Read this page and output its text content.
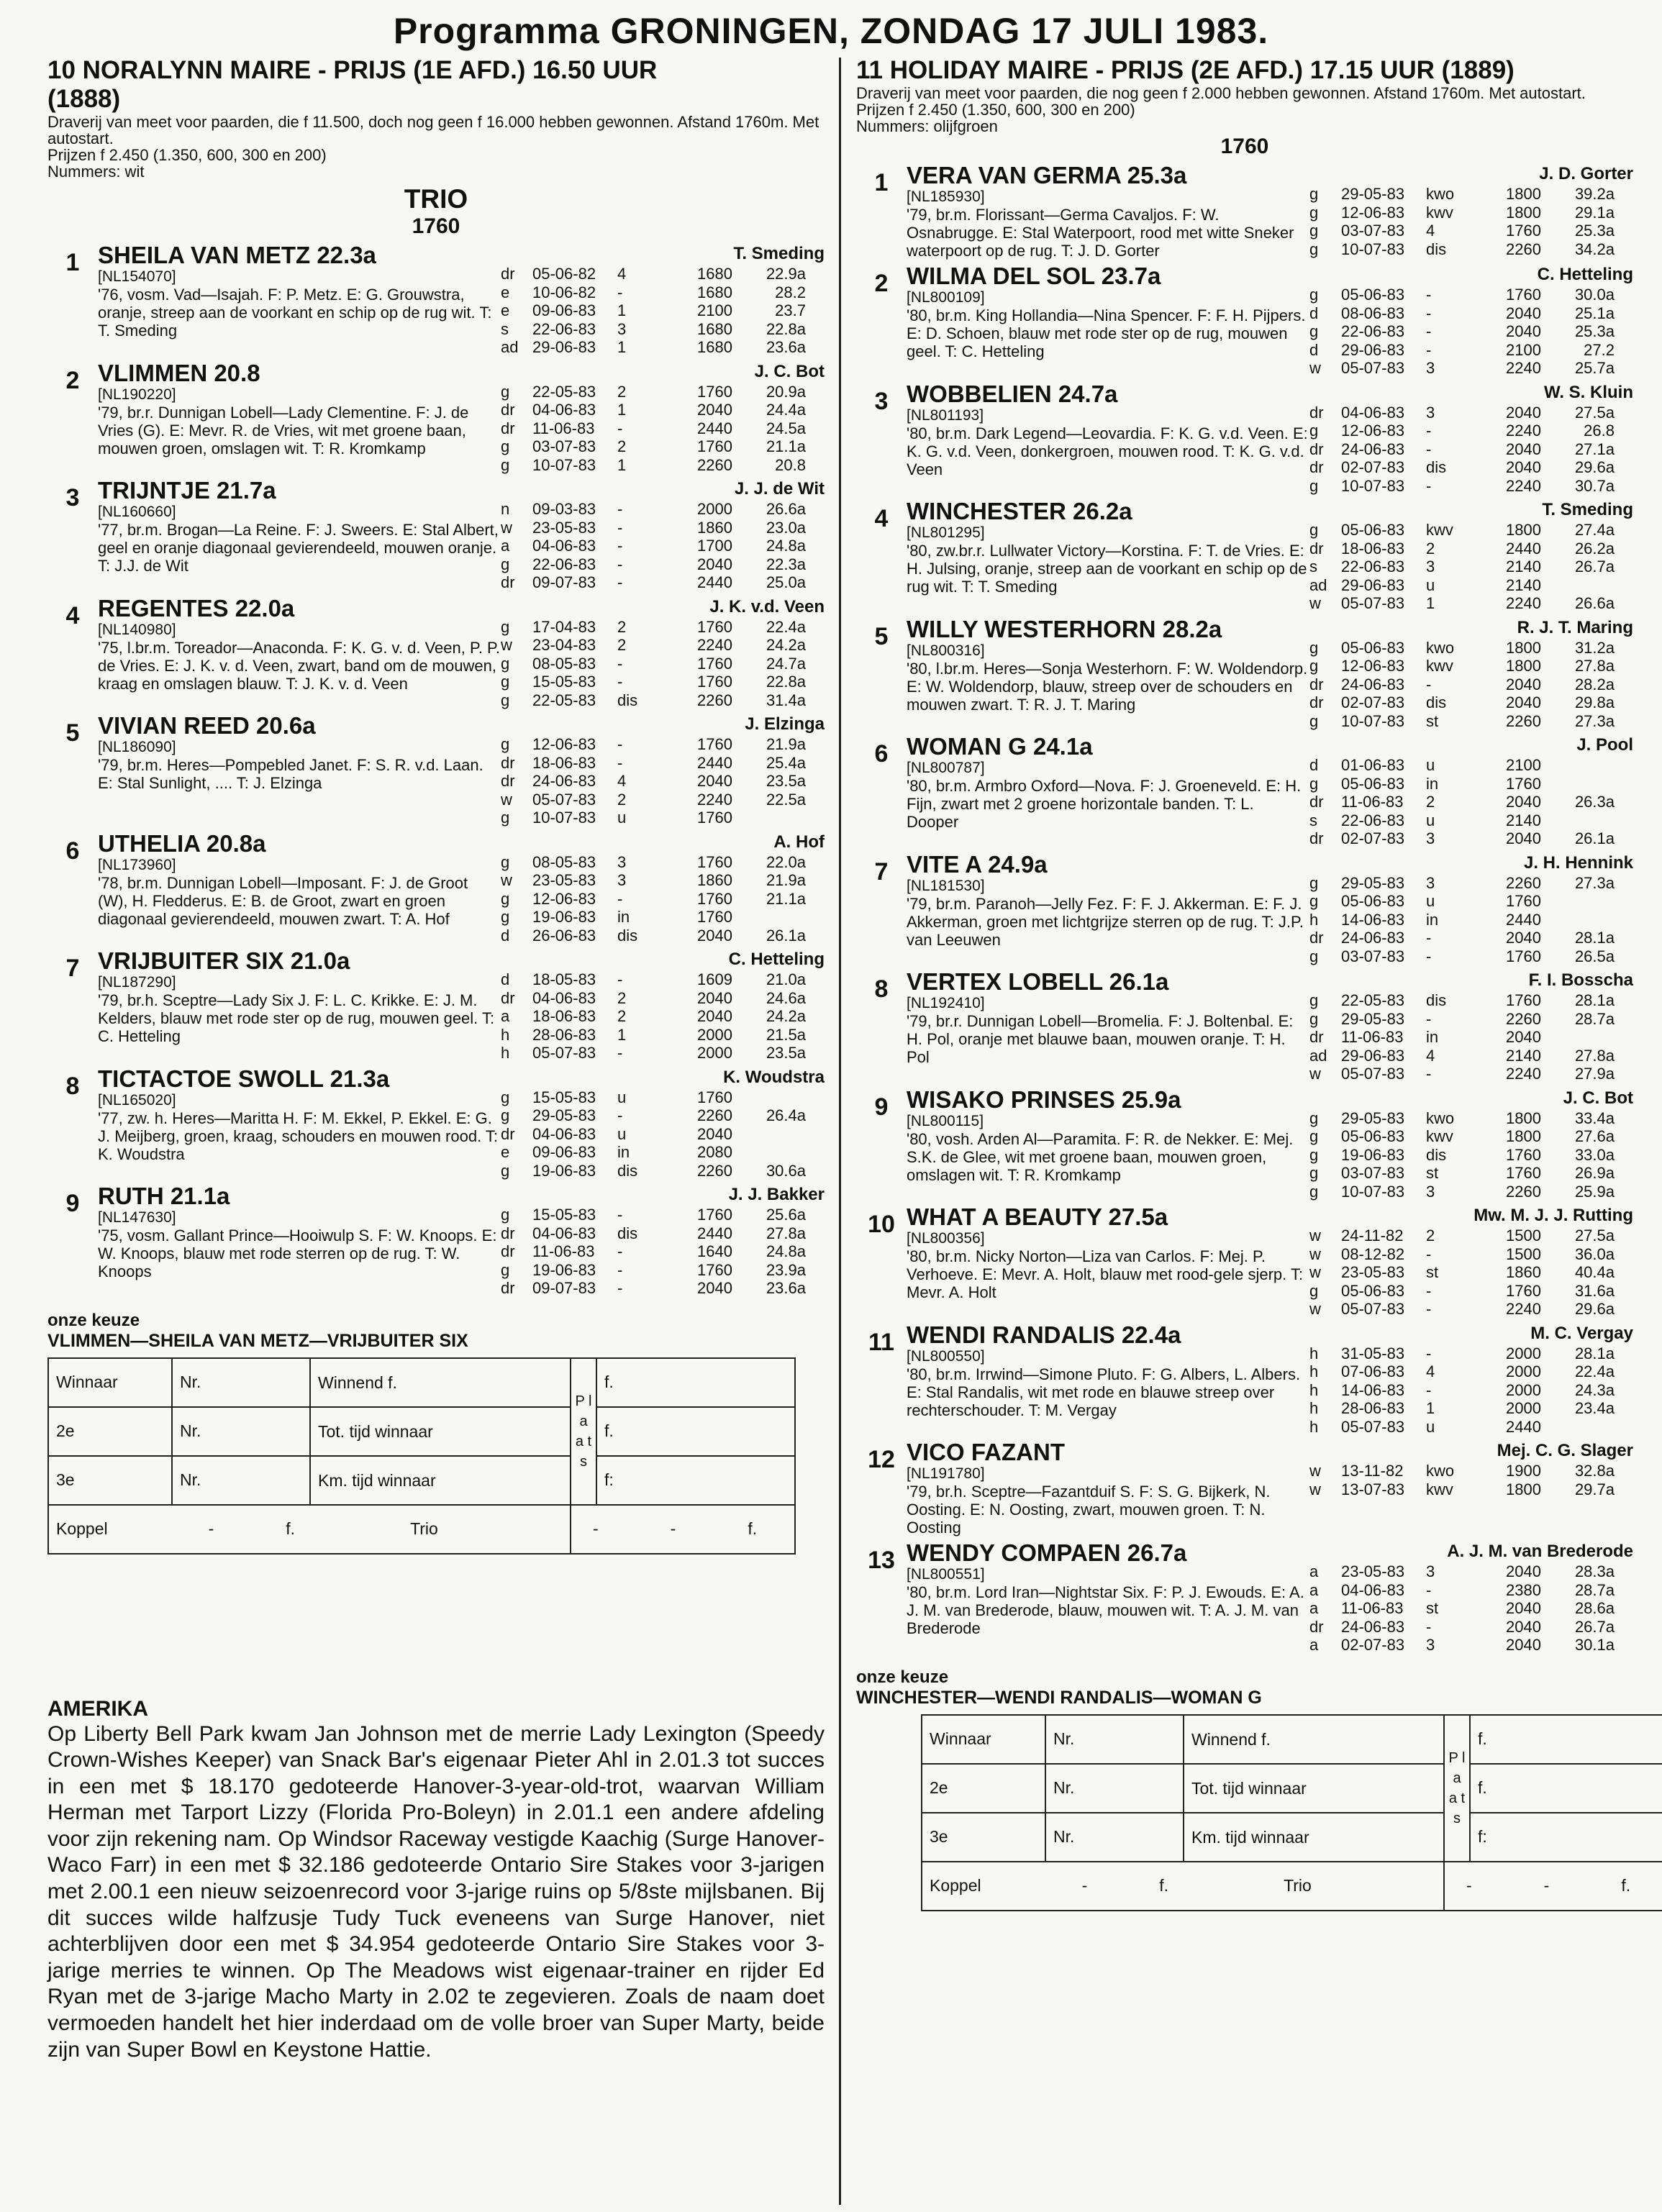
Programma GRONINGEN, ZONDAG 17 JULI 1983.
10 NORALYNN MAIRE - PRIJS (1E AFD.) 16.50 UUR
(1888)
Draverij van meet voor paarden, die f 11.500, doch nog geen f 16.000 hebben gewonnen. Afstand 1760m. Met autostart.
Prijzen f 2.450 (1.350, 600, 300 en 200)
Nummers: wit
TRIO
1760
1 SHEILA VAN METZ 22.3a
[NL154070]
'76, vosm. Vad—Isajah. F: P. Metz. E: G. Grouwstra, oranje, streep aan de voorkant en schip op de rug wit. T: T. Smeding
T. Smeding
dr	05-06-82	4	1680	22.9a
e	10-06-82	-	1680	28.2
e	09-06-83	1	2100	23.7
s	22-06-83	3	1680	22.8a
ad 29-06-83	1	1680	23.6a
2 VLIMMEN 20.8
[NL190220]
'79, br.r. Dunnigan Lobell—Lady Clementine. F: J. de Vries (G). E: Mevr. R. de Vries, wit met groene baan, mouwen groen, omslagen wit. T: R. Kromkamp
J. C. Bot
g	22-05-83	2	1760	20.9a
dr	04-06-83	1	2040	24.4a
dr	11-06-83	-	2440	24.5a
g	03-07-83	2	1760	21.1a
g	10-07-83	1	2260	20.8
3 TRIJNTJE 21.7a
[NL160660]
'77, br.m. Brogan—La Reine. F: J. Sweers. E: Stal Albert, geel en oranje diagonaal gevierendeeld, mouwen oranje. T: J.J. de Wit
J. J. de Wit
n	09-03-83	-	2000	26.6a
w	23-05-83	-	1860	23.0a
a	04-06-83	-	1700	24.8a
g	22-06-83	-	2040	22.3a
dr	09-07-83	-	2440	25.0a
4 REGENTES 22.0a
[NL140980]
'75, l.br.m. Toreador—Anaconda. F: K. G. v. d. Veen, P. P. de Vries. E: J. K. v. d. Veen, zwart, band om de mouwen, kraag en omslagen blauw. T: J. K. v. d. Veen
J. K. v.d. Veen
g	17-04-83	2	1760	22.4a
w	23-04-83	2	2240	24.2a
g	08-05-83	-	1760	24.7a
g	15-05-83	-	1760	22.8a
g	22-05-83	dis	2260	31.4a
5 VIVIAN REED 20.6a
[NL186090]
'79, br.m. Heres—Pompebled Janet. F: S. R. v.d. Laan. E: Stal Sunlight, .... T: J. Elzinga
J. Elzinga
g	12-06-83	-	1760	21.9a
dr	18-06-83	-	2440	25.4a
dr	24-06-83	4	2040	23.5a
w	05-07-83	2	2240	22.5a
g	10-07-83	u	1760
6 UTHELIA 20.8a
[NL173960]
'78, br.m. Dunnigan Lobell—Imposant. F: J. de Groot (W), H. Fledderus. E: B. de Groot, zwart en groen diagonaal gevierendeeld, mouwen zwart. T: A. Hof
A. Hof
g	08-05-83	3	1760	22.0a
w	23-05-83	3	1860	21.9a
g	12-06-83	-	1760	21.1a
g	19-06-83	in	1760
d	26-06-83	dis	2040	26.1a
7 VRIJBUITER SIX 21.0a
[NL187290]
'79, br.h. Sceptre—Lady Six J. F: L. C. Krikke. E: J. M. Kelders, blauw met rode ster op de rug, mouwen geel. T: C. Hetteling
C. Hetteling
d	18-05-83	-	1609	21.0a
dr	04-06-83	2	2040	24.6a
a	18-06-83	2	2040	24.2a
h	28-06-83	1	2000	21.5a
h	05-07-83	-	2000	23.5a
8 TICTACTOE SWOLL 21.3a
[NL165020]
'77, zw. h. Heres—Maritta H. F: M. Ekkel, P. Ekkel. E: G. J. Meijberg, groen, kraag, schouders en mouwen rood. T: K. Woudstra
K. Woudstra
g	15-05-83	u	1760
g	29-05-83	-	2260	26.4a
dr	04-06-83	u	2040
e	09-06-83	in	2080
g	19-06-83	dis	2260	30.6a
9 RUTH 21.1a
[NL147630]
'75, vosm. Gallant Prince—Hooiwulp S. F: W. Knoops. E: W. Knoops, blauw met rode sterren op de rug. T: W. Knoops
J. J. Bakker
g	15-05-83	-	1760	25.6a
dr	04-06-83	dis	2440	27.8a
dr	11-06-83	-	1640	24.8a
g	19-06-83	-	1760	23.9a
dr	09-07-83	-	2040	23.6a
onze keuze
VLIMMEN—SHEILA VAN METZ—VRIJBUITER SIX
Winnaar	Nr.	Winnend f.	P l a a t s	f.
2e	Nr.	Tot. tijd winnaar		f.
3e	Nr.	Km. tijd winnaar		f:
Koppel - f. Trio			- - f.	
AMERIKA
Op Liberty Bell Park kwam Jan Johnson met de merrie Lady Lexington (Speedy Crown-Wishes Keeper) van Snack Bar's eigenaar Pieter Ahl in 2.01.3 tot succes in een met $ 18.170 gedoteerde Hanover-3-year-old-trot, waarvan William Herman met Tarport Lizzy (Florida Pro-Boleyn) in 2.01.1 een andere afdeling voor zijn rekening nam. Op Windsor Raceway vestigde Kaachig (Surge Hanover-Waco Farr) in een met $ 32.186 gedoteerde Ontario Sire Stakes voor 3-jarigen met 2.00.1 een nieuw seizoenrecord voor 3-jarige ruins op 5/8ste mijlsbanen. Bij dit succes wilde halfzusje Tudy Tuck eveneens van Surge Hanover, niet achterblijven door een met $ 34.954 gedoteerde Ontario Sire Stakes voor 3-jarige merries te winnen. Op The Meadows wist eigenaar-trainer en rijder Ed Ryan met de 3-jarige Macho Marty in 2.02 te zegevieren. Zoals de naam doet vermoeden handelt het hier inderdaad om de volle broer van Super Marty, beide zijn van Super Bowl en Keystone Hattie.
11 HOLIDAY MAIRE - PRIJS (2E AFD.) 17.15 UUR (1889)
Draverij van meet voor paarden, die nog geen f 2.000 hebben gewonnen. Afstand 1760m. Met autostart.
Prijzen f 2.450 (1.350, 600, 300 en 200)
Nummers: olijfgroen
1760
1 VERA VAN GERMA 25.3a
[NL185930]
'79, br.m. Florissant—Germa Cavaljos. F: W. Osnabrugge. E: Stal Waterpoort, rood met witte Sneker waterpoort op de rug. T: J. D. Gorter
J. D. Gorter
g	29-05-83	kwo	1800	39.2a
g	12-06-83	kwv	1800	29.1a
g	03-07-83	4	1760	25.3a
g	10-07-83	dis	2260	34.2a
2 WILMA DEL SOL 23.7a
[NL800109]
'80, br.m. King Hollandia—Nina Spencer. F: F. H. Pijpers. E: D. Schoen, blauw met rode ster op de rug, mouwen geel. T: C. Hetteling
C. Hetteling
g	05-06-83	-	1760	30.0a
d	08-06-83	-	2040	25.1a
g	22-06-83	-	2040	25.3a
d	29-06-83	-	2100	27.2
w	05-07-83	3	2240	25.7a
3 WOBBELIEN 24.7a
[NL801193]
'80, br.m. Dark Legend—Leovardia. F: K. G. v.d. Veen. E: K. G. v.d. Veen, donkergroen, mouwen rood. T: K. G. v.d. Veen
W. S. Kluin
dr	04-06-83	3	2040	27.5a
g	12-06-83	-	2240	26.8
dr	24-06-83	-	2040	27.1a
dr	02-07-83	dis	2040	29.6a
g	10-07-83	-	2240	30.7a
4 WINCHESTER 26.2a
[NL801295]
'80, zw.br.r. Lullwater Victory—Korstina. F: T. de Vries. E: H. Julsing, oranje, streep aan de voorkant en schip op de rug wit. T: T. Smeding
T. Smeding
g	05-06-83	kwv	1800	27.4a
dr	18-06-83	2	2440	26.2a
s	22-06-83	3	2140	26.7a
ad 29-06-83	u	2140
w	05-07-83	1	2240	26.6a
5 WILLY WESTERHORN 28.2a
[NL800316]
'80, l.br.m. Heres—Sonja Westerhorn. F: W. Woldendorp. E: W. Woldendorp, blauw, streep over de schouders en mouwen zwart. T: R. J. T. Maring
R. J. T. Maring
g	05-06-83	kwo	1800	31.2a
g	12-06-83	kwv	1800	27.8a
dr	24-06-83	-	2040	28.2a
dr	02-07-83	dis	2040	29.8a
g	10-07-83	st	2260	27.3a
6 WOMAN G 24.1a
[NL800787]
'80, br.m. Armbro Oxford—Nova. F: J. Groeneveld. E: H. Fijn, zwart met 2 groene horizontale banden. T: L. Dooper
J. Pool
d	01-06-83	u	2100
g	05-06-83	in	1760
dr	11-06-83	2	2040	26.3a
s	22-06-83	u	2140
dr	02-07-83	3	2040	26.1a
7 VITE A 24.9a
[NL181530]
'79, br.m. Paranoh—Jelly Fez. F: F. J. Akkerman. E: F. J. Akkerman, groen met lichtgrijze sterren op de rug. T: J.P. van Leeuwen
J. H. Hennink
g	29-05-83	3	2260	27.3a
g	05-06-83	u	1760
h	14-06-83	in	2440
dr	24-06-83	-	2040	28.1a
g	03-07-83	-	1760	26.5a
8 VERTEX LOBELL 26.1a
[NL192410]
'79, br.r. Dunnigan Lobell—Bromelia. F: J. Boltenbal. E: H. Pol, oranje met blauwe baan, mouwen oranje. T: H. Pol
F. I. Bosscha
g	22-05-83	dis	1760	28.1a
g	29-05-83	-	2260	28.7a
dr	11-06-83	in	2040
ad 29-06-83	4	2140	27.8a
w	05-07-83	-	2240	27.9a
9 WISAKO PRINSES 25.9a
[NL800115]
'80, vosh. Arden Al—Paramita. F: R. de Nekker. E: Mej. S.K. de Glee, wit met groene baan, mouwen groen, omslagen wit. T: R. Kromkamp
J. C. Bot
g	29-05-83	kwo	1800	33.4a
g	05-06-83	kwv	1800	27.6a
g	19-06-83	dis	1760	33.0a
g	03-07-83	st	1760	26.9a
g	10-07-83	3	2260	25.9a
10 WHAT A BEAUTY 27.5a
[NL800356]
'80, br.m. Nicky Norton—Liza van Carlos. F: Mej. P. Verhoeve. E: Mevr. A. Holt, blauw met rood-gele sjerp. T: Mevr. A. Holt
Mw. M. J. J. Rutting
w	24-11-82	2	1500	27.5a
w	08-12-82	-	1500	36.0a
w	23-05-83	st	1860	40.4a
g	05-06-83	-	1760	31.6a
w	05-07-83	-	2240	29.6a
11 WENDI RANDALIS 22.4a
[NL800550]
'80, br.m. Irrwind—Simone Pluto. F: G. Albers, L. Albers. E: Stal Randalis, wit met rode en blauwe streep over rechterschouder. T: M. Vergay
M. C. Vergay
h	31-05-83	-	2000	28.1a
h	07-06-83	4	2000	22.4a
h	14-06-83	-	2000	24.3a
h	28-06-83	1	2000	23.4a
h	05-07-83	u	2440
12 VICO FAZANT
[NL191780]
'79, br.h. Sceptre—Fazantduif S. F: S. G. Bijkerk, N. Oosting. E: N. Oosting, zwart, mouwen groen. T: N. Oosting
Mej. C. G. Slager
w	13-11-82	kwo	1900	32.8a
w	13-07-83	kwv	1800	29.7a
13 WENDY COMPAEN 26.7a
[NL800551]
'80, br.m. Lord Iran—Nightstar Six. F: P. J. Ewouds. E: A. J. M. van Brederode, blauw, mouwen wit. T: A. J. M. van Brederode
A. J. M. van Brederode
a	23-05-83	3	2040	28.3a
a	04-06-83	-	2380	28.7a
a	11-06-83	st	2040	28.6a
dr	24-06-83	-	2040	26.7a
a	02-07-83	3	2040	30.1a
onze keuze
WINCHESTER—WENDI RANDALIS—WOMAN G
Winnaar	Nr.	Winnend f.	P l a a t s	f.
2e	Nr.	Tot. tijd winnaar		f.
3e	Nr.	Km. tijd winnaar		f:
Koppel - f. Trio			- - f.	
